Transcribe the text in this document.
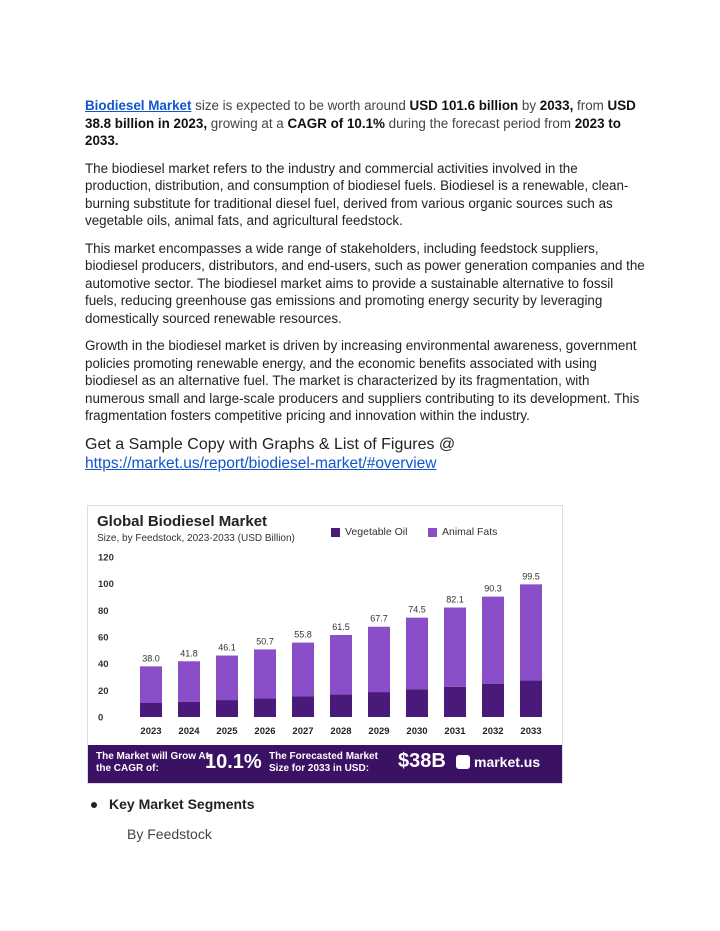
Biodiesel Market size is expected to be worth around USD 101.6 billion by 2033, from USD 38.8 billion in 2023, growing at a CAGR of 10.1% during the forecast period from 2023 to 2033.

The biodiesel market refers to the industry and commercial activities involved in the production, distribution, and consumption of biodiesel fuels. Biodiesel is a renewable, clean-burning substitute for traditional diesel fuel, derived from various organic sources such as vegetable oils, animal fats, and agricultural feedstock.

This market encompasses a wide range of stakeholders, including feedstock suppliers, biodiesel producers, distributors, and end-users, such as power generation companies and the automotive sector. The biodiesel market aims to provide a sustainable alternative to fossil fuels, reducing greenhouse gas emissions and promoting energy security by leveraging domestically sourced renewable resources.

Growth in the biodiesel market is driven by increasing environmental awareness, government policies promoting renewable energy, and the economic benefits associated with using biodiesel as an alternative fuel. The market is characterized by its fragmentation, with numerous small and large-scale producers and suppliers contributing to its development. This fragmentation fosters competitive pricing and innovation within the industry.

Get a Sample Copy with Graphs & List of Figures @
https://market.us/report/biodiesel-market/#overview
Global Biodiesel Market
Size, by Feedstock, 2023-2033 (USD Billion)
Vegetable Oil	Animal Fats
0
20
40
60
80
100
120
38.0
2023
41.8
2024
46.1
2025
50.7
2026
55.8
2027
61.5
2028
67.7
2029
74.5
2030
82.1
2031
90.3
2032
99.5
2033
The Market will Grow At the CAGR of:	10.1% The Forecasted Market Size for 2033 in USD:	$38B market.us
Key Market Segments
By Feedstock
